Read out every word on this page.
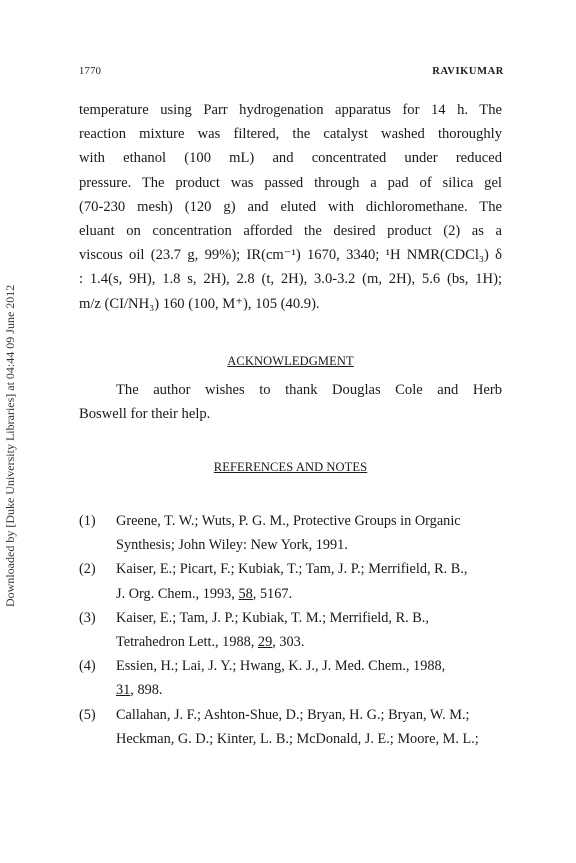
1770	RAVIKUMAR
Downloaded by [Duke University Libraries] at 04:44 09 June 2012
temperature using Parr hydrogenation apparatus for 14 h. The
reaction mixture was filtered, the catalyst washed thoroughly
with ethanol (100 mL) and concentrated under reduced
pressure. The product was passed through a pad of silica gel
(70-230 mesh) (120 g) and eluted with dichloromethane. The
eluant on concentration afforded the desired product (2) as a
viscous oil (23.7 g, 99%); IR(cm⁻¹) 1670, 3340; ¹H NMR(CDCl₃) δ
: 1.4(s, 9H), 1.8 s, 2H), 2.8 (t, 2H), 3.0-3.2 (m, 2H), 5.6 (bs, 1H);
m/z (CI/NH₃) 160 (100, M⁺), 105 (40.9).
ACKNOWLEDGMENT
The author wishes to thank Douglas Cole and Herb
Boswell for their help.
REFERENCES AND NOTES
(1)	Greene, T. W.; Wuts, P. G. M., Protective Groups in Organic
Synthesis; John Wiley: New York, 1991.
(2)	Kaiser, E.; Picart, F.; Kubiak, T.; Tam, J. P.; Merrifield, R. B.,
J. Org. Chem., 1993, 58, 5167.
(3)	Kaiser, E.; Tam, J. P.; Kubiak, T. M.; Merrifield, R. B.,
Tetrahedron Lett., 1988, 29, 303.
(4)	Essien, H.; Lai, J. Y.; Hwang, K. J., J. Med. Chem., 1988,
31, 898.
(5)	Callahan, J. F.; Ashton-Shue, D.; Bryan, H. G.; Bryan, W. M.;
Heckman, G. D.; Kinter, L. B.; McDonald, J. E.; Moore, M. L.;
